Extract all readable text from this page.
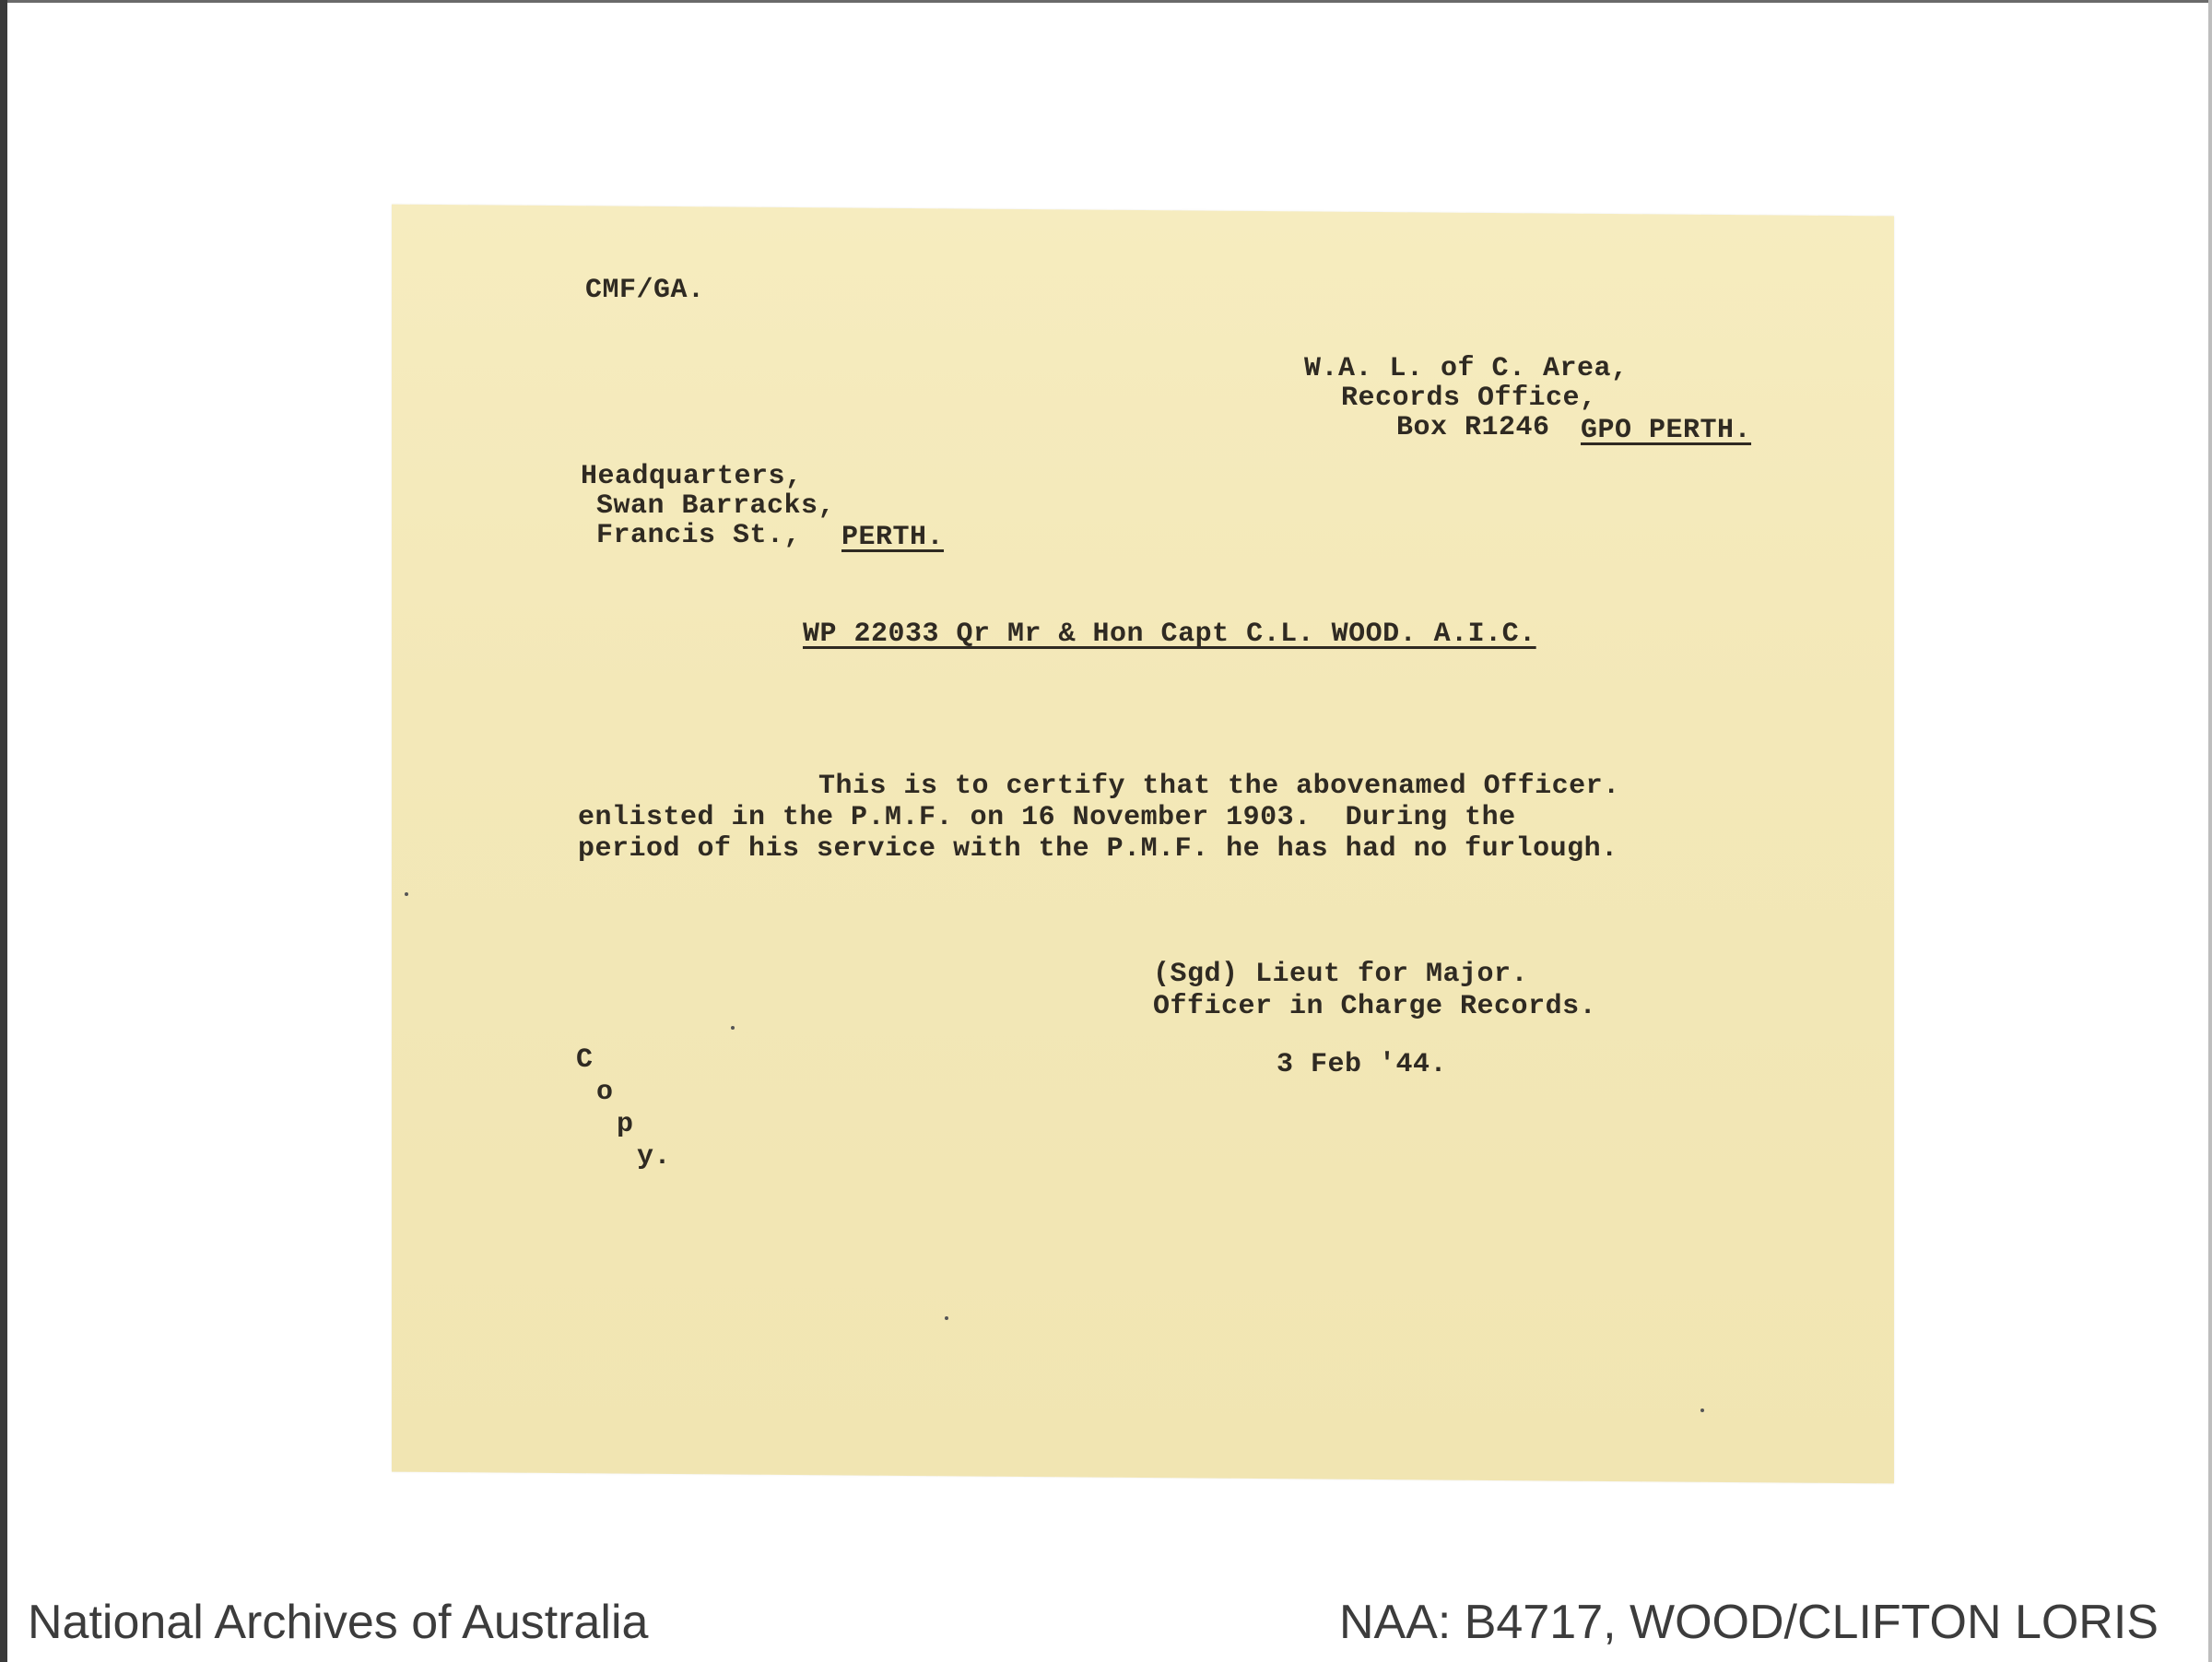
CMF/GA.
W.A. L. of C. Area,
Records Office,
Box R1246 GPO PERTH.
Headquarters,
Swan Barracks,
Francis St., PERTH.
WP 22033 Qr Mr & Hon Capt C.L. WOOD. A.I.C.
This is to certify that the abovenamed Officer.
enlisted in the P.M.F. on 16 November 1903.  During the
period of his service with the P.M.F. he has had no furlough.
(Sgd) Lieut for Major.
Officer in Charge Records.
3 Feb '44.
C
o
p
y.
National Archives of Australia	NAA: B4717, WOOD/CLIFTON LORIS
